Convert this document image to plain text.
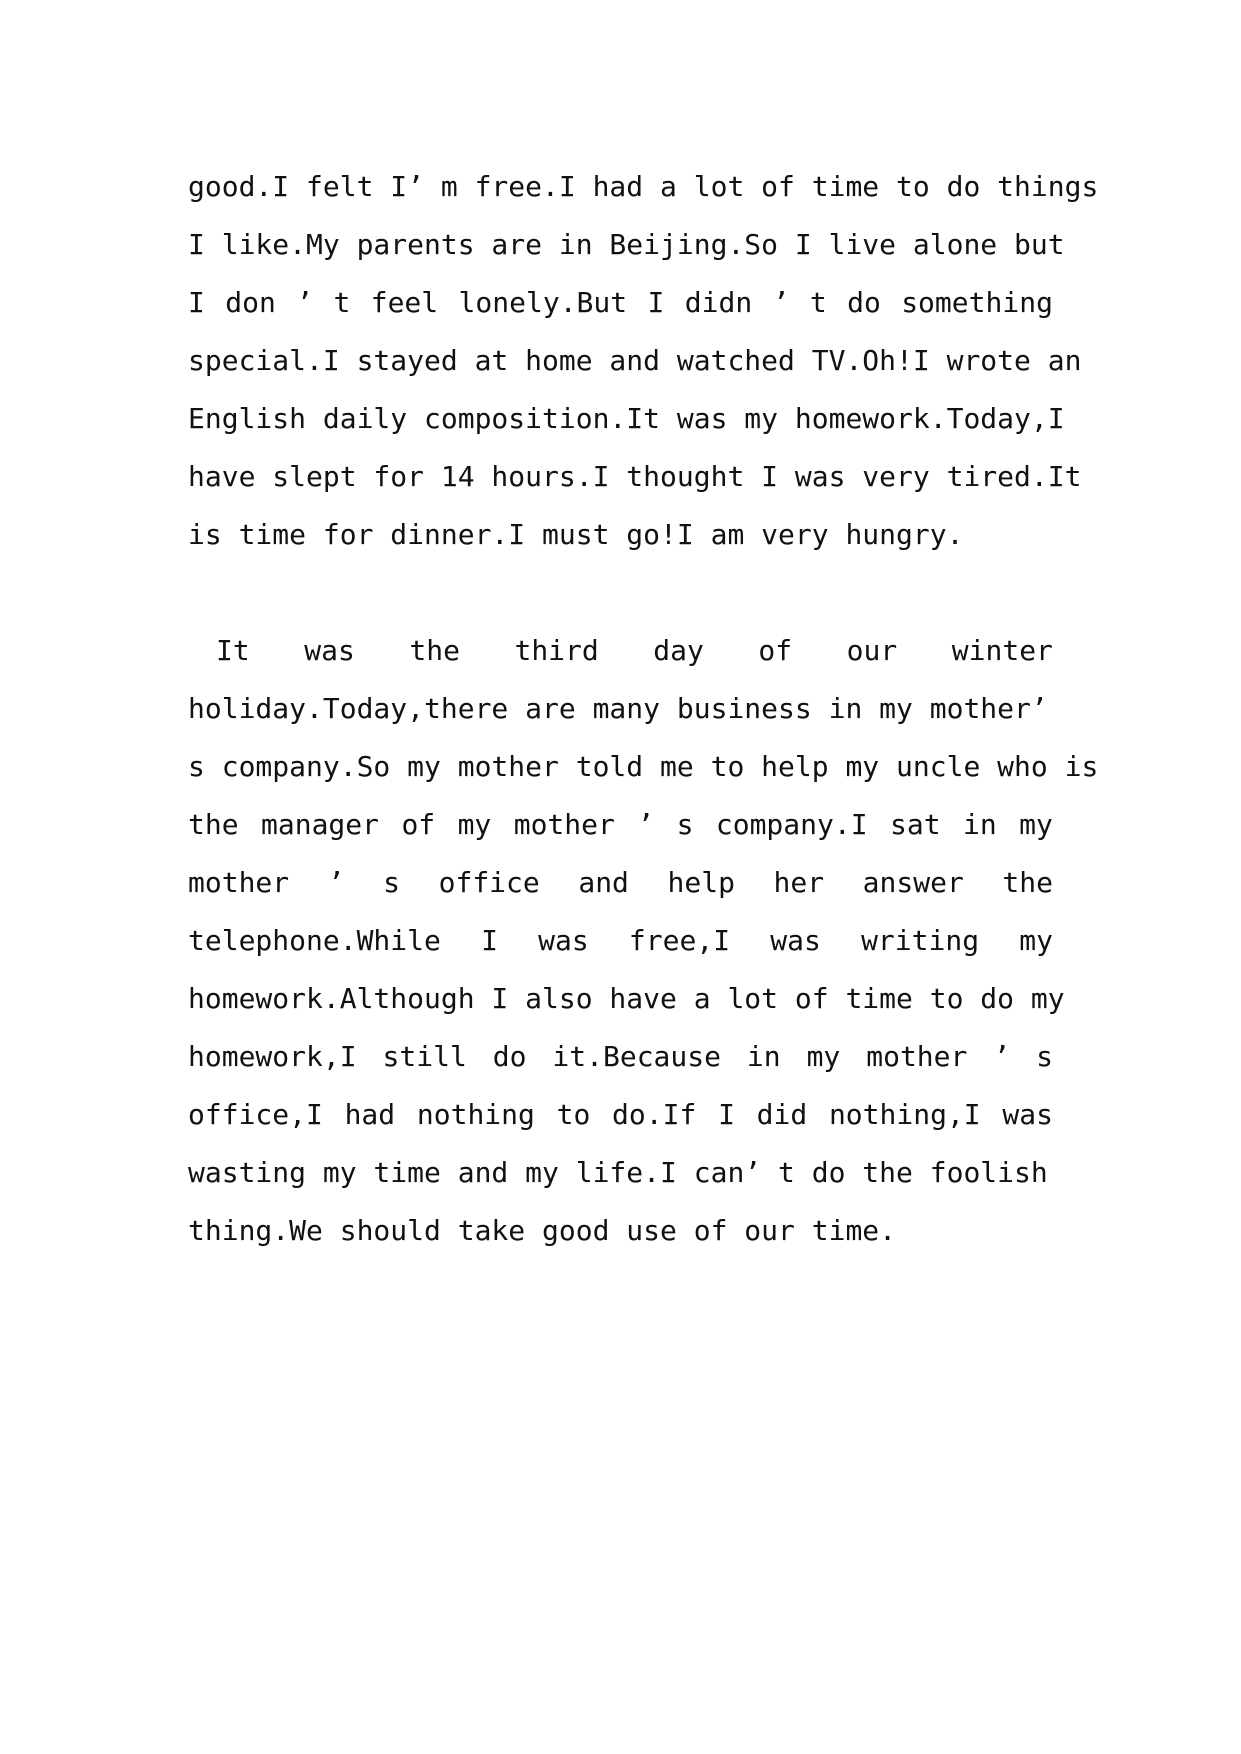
good.I felt I’ m free.I had a lot of time to do things
I like.My parents are in Beijing.So I live alone but
I don ’ t feel lonely.But I didn ’ t do something
special.I stayed at home and watched TV.Oh!I wrote an
English daily composition.It was my homework.Today,I
have slept for 14 hours.I thought I was very tired.It
is time for dinner.I must go!I am very hungry.
It was the third day of our winter
holiday.Today,there are many business in my mother’
s company.So my mother told me to help my uncle who is
the manager of my mother ’ s company.I sat in my
mother ’ s office and help her answer the
telephone.While I was free,I was writing my
homework.Although I also have a lot of time to do my
homework,I still do it.Because in my mother ’ s
office,I had nothing to do.If I did nothing,I was
wasting my time and my life.I can’ t do the foolish
thing.We should take good use of our time.
